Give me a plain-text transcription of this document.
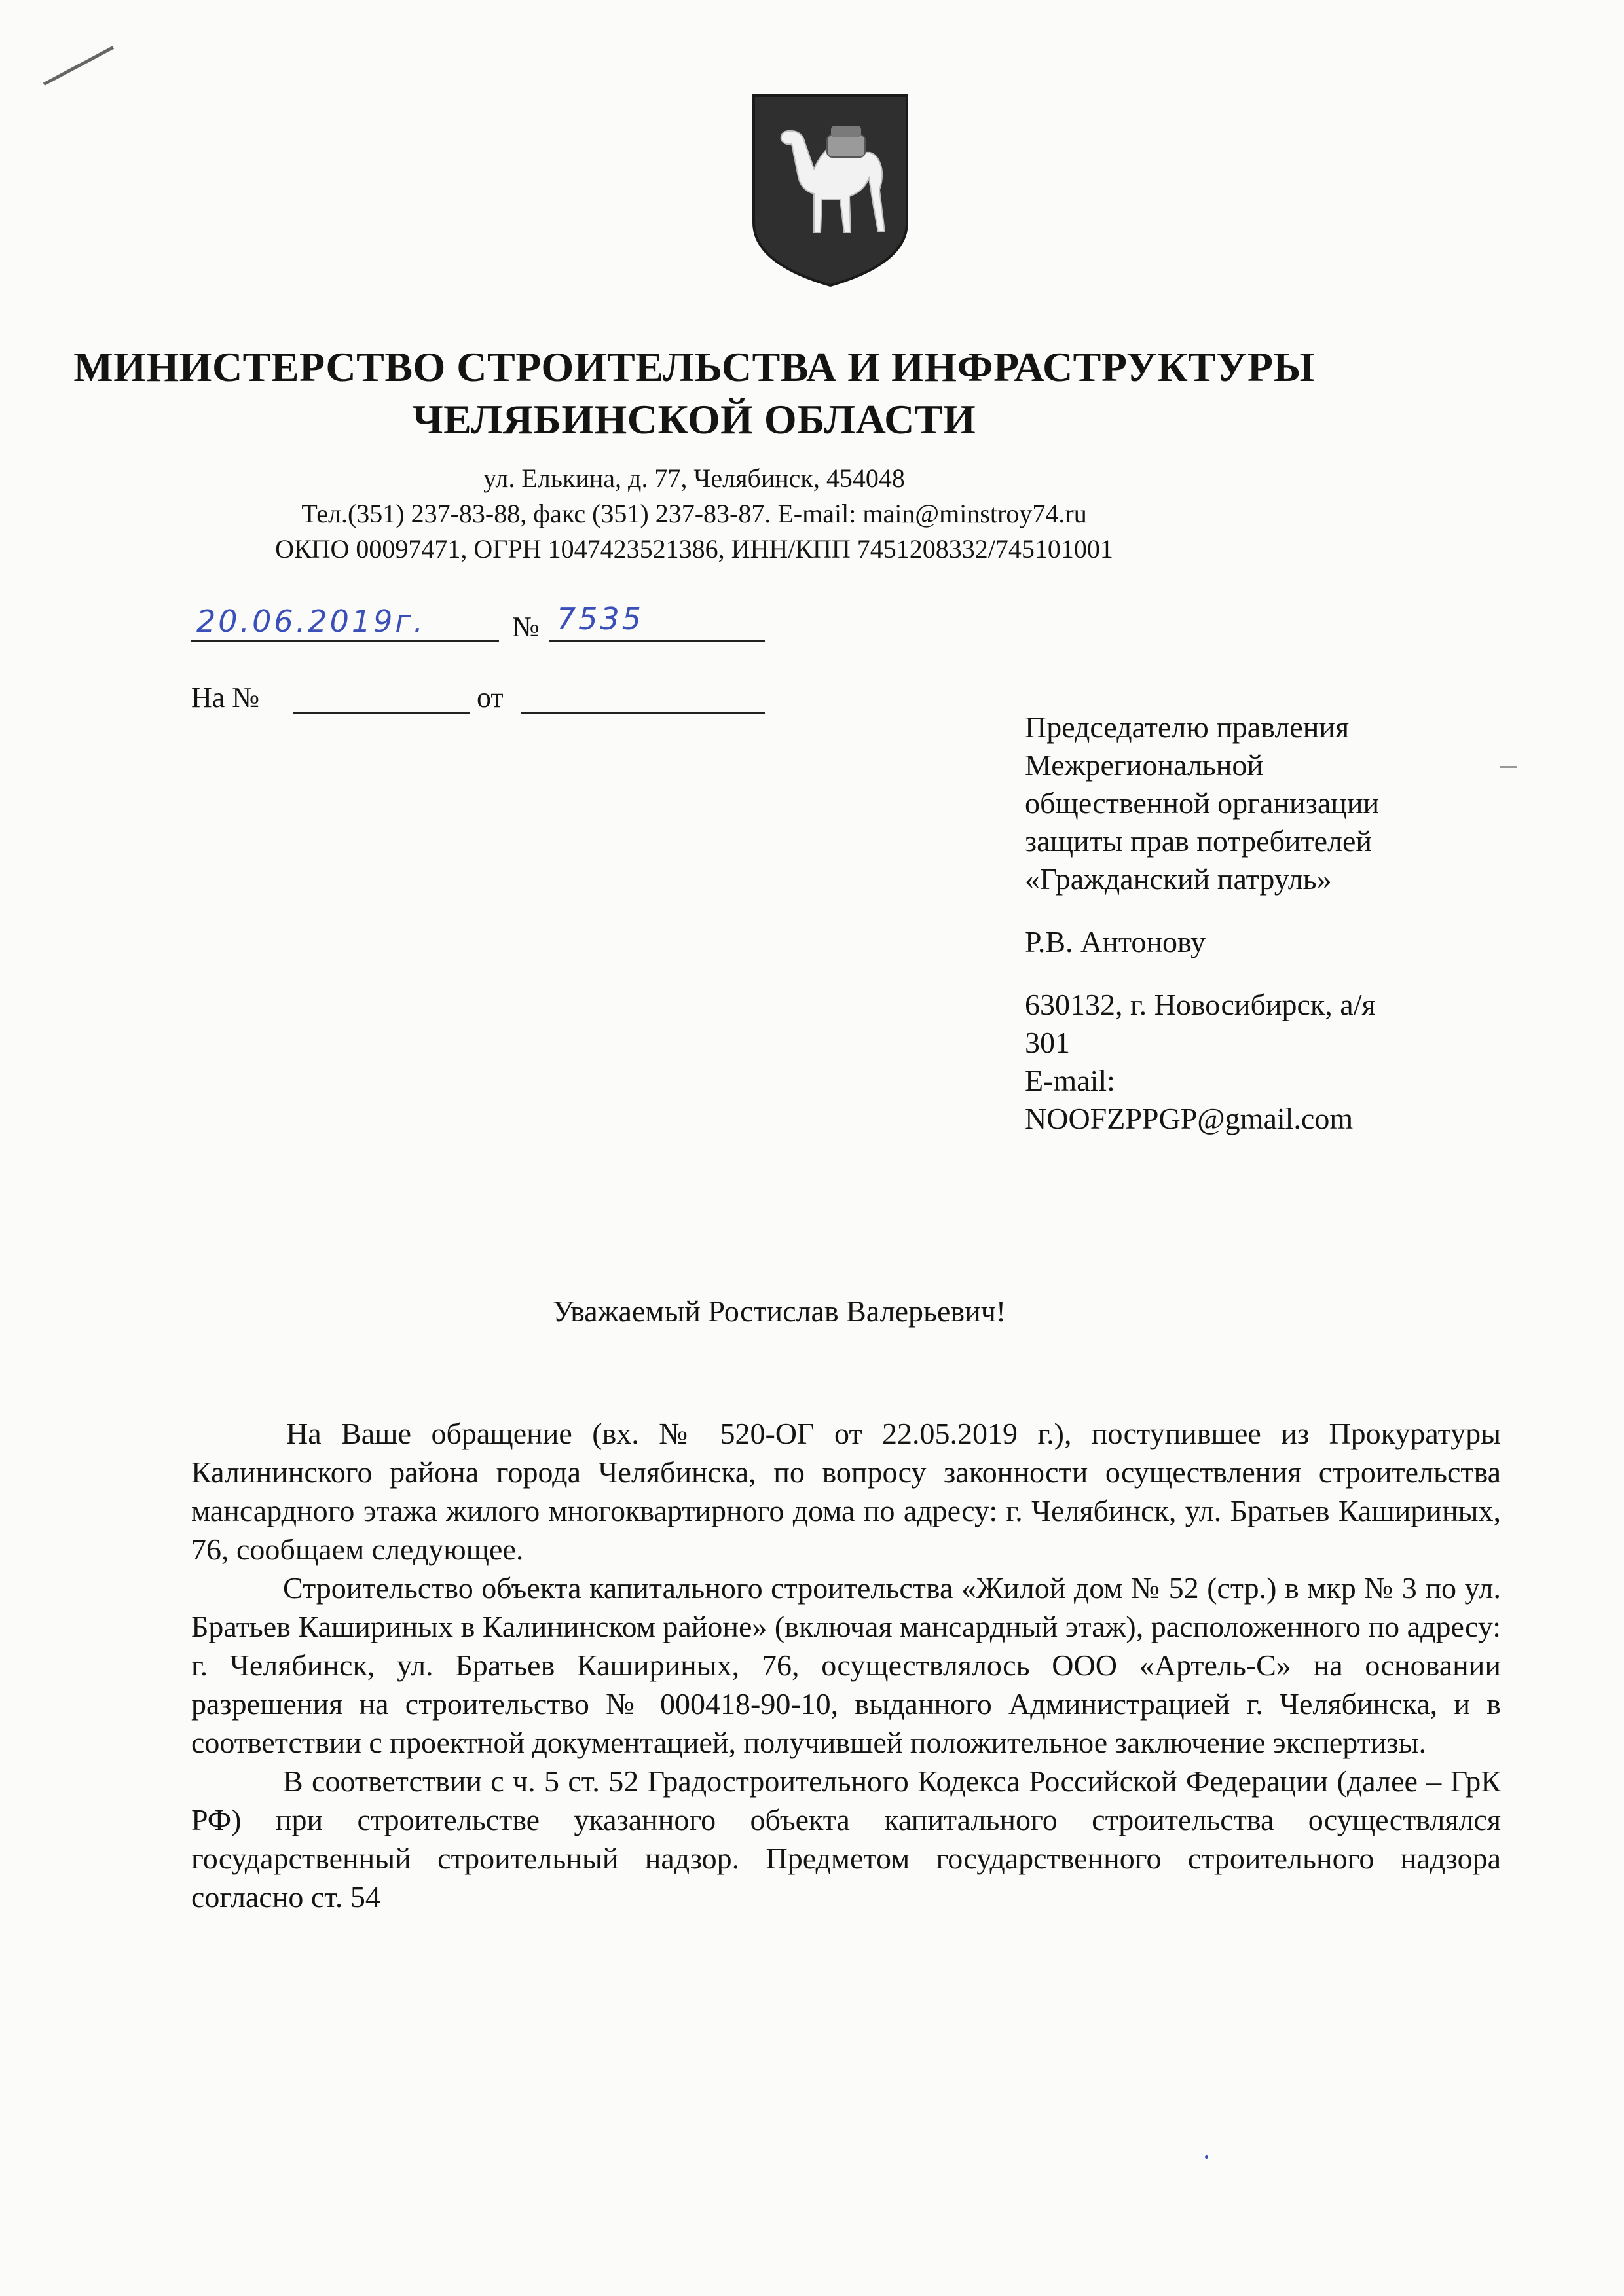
МИНИСТЕРСТВО СТРОИТЕЛЬСТВА И ИНФРАСТРУКТУРЫ
ЧЕЛЯБИНСКОЙ ОБЛАСТИ
ул. Елькина, д. 77, Челябинск, 454048
Тел.(351) 237-83-88, факс (351) 237-83-87. E-mail: main@minstroy74.ru
ОКПО 00097471, ОГРН 1047423521386, ИНН/КПП 7451208332/745101001
20.06.2019г.	№ 7535
На №	от

Председателю правления

Межрегиональной

общественной организации

защиты прав потребителей

«Гражданский патруль»

Р.В. Антонову

630132, г. Новосибирск, а/я

301

E-mail:

NOOFZPPGP@gmail.com

Уважаемый Ростислав Валерьевич!

На Ваше обращение (вх. № 520-ОГ от 22.05.2019 г.), поступившее из Прокуратуры Калининского района города Челябинска, по вопросу законности осуществления строительства мансардного этажа жилого многоквартирного дома по адресу: г. Челябинск, ул. Братьев Кашириных, 76, сообщаем следующее.

Строительство объекта капитального строительства «Жилой дом № 52 (стр.) в мкр № 3 по ул. Братьев Кашириных в Калининском районе» (включая мансардный этаж), расположенного по адресу: г. Челябинск, ул. Братьев Кашириных, 76, осуществлялось ООО «Артель-С» на основании разрешения на строительство № 000418-90-10, выданного Администрацией г. Челябинска, и в соответствии с проектной документацией, получившей положительное заключение экспертизы.

В соответствии с ч. 5 ст. 52 Градостроительного Кодекса Российской Федерации (далее – ГрК РФ) при строительстве указанного объекта капитального строительства осуществлялся государственный строительный надзор. Предметом государственного строительного надзора согласно ст. 54
